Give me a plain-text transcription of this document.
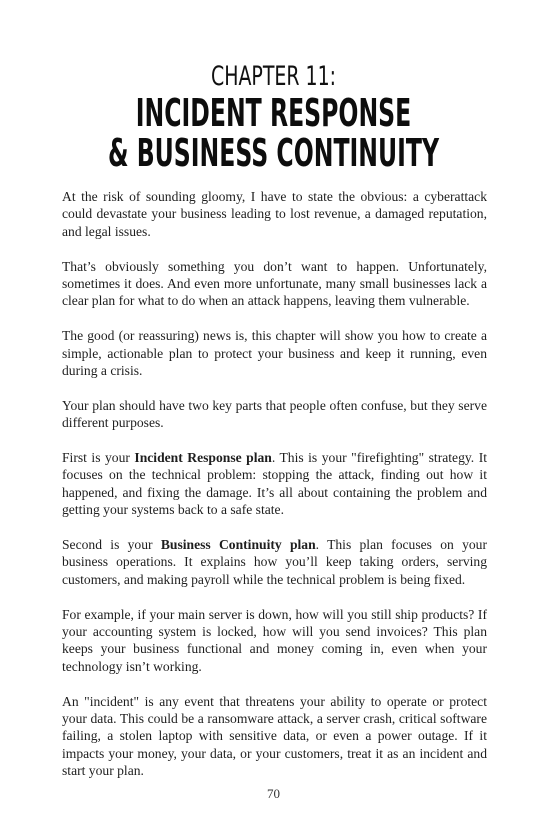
CHAPTER 11:
INCIDENT RESPONSE
& BUSINESS CONTINUITY

At the risk of sounding gloomy, I have to state the obvious: a cyberattack could devastate your business leading to lost revenue, a damaged reputation, and legal issues.

That’s obviously something you don’t want to happen. Unfortunately, sometimes it does. And even more unfortunate, many small businesses lack a clear plan for what to do when an attack happens, leaving them vulnerable.

The good (or reassuring) news is, this chapter will show you how to create a simple, actionable plan to protect your business and keep it running, even during a crisis.

Your plan should have two key parts that people often confuse, but they serve different purposes.

First is your Incident Response plan. This is your "firefighting" strategy. It focuses on the technical problem: stopping the attack, finding out how it happened, and fixing the damage. It’s all about containing the problem and getting your systems back to a safe state.

Second is your Business Continuity plan. This plan focuses on your business operations. It explains how you’ll keep taking orders, serving customers, and making payroll while the technical problem is being fixed.

For example, if your main server is down, how will you still ship products? If your accounting system is locked, how will you send invoices? This plan keeps your business functional and money coming in, even when your technology isn’t working.

An "incident" is any event that threatens your ability to operate or protect your data. This could be a ransomware attack, a server crash, critical software failing, a stolen laptop with sensitive data, or even a power outage. If it impacts your money, your data, or your customers, treat it as an incident and start your plan.

70
